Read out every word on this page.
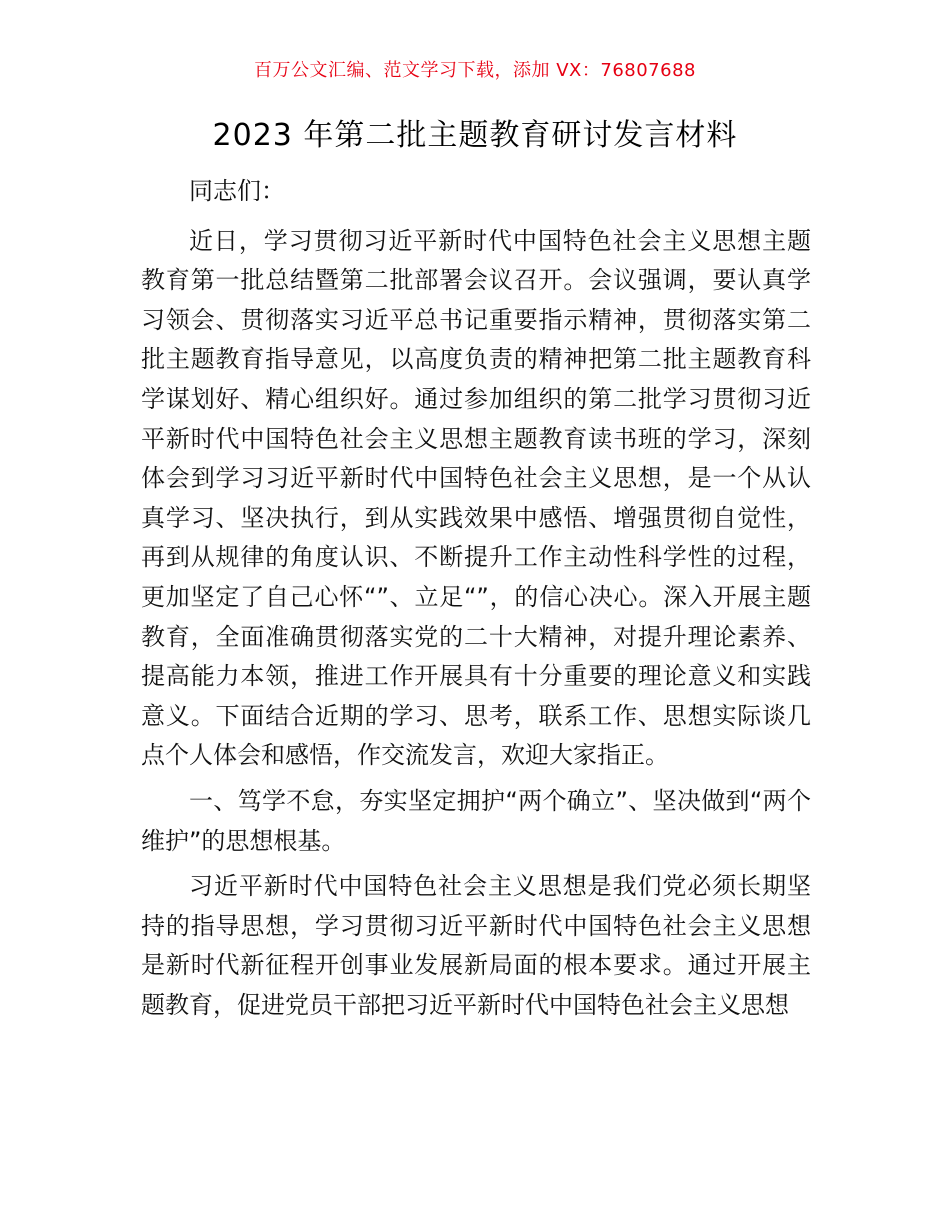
百万公文汇编、范文学习下载，添加 VX：76807688
2023 年第二批主题教育研讨发言材料

同志们：

近日，学习贯彻习近平新时代中国特色社会主义思想主题教育第一批总结暨第二批部署会议召开。会议强调，要认真学习领会、贯彻落实习近平总书记重要指示精神，贯彻落实第二批主题教育指导意见，以高度负责的精神把第二批主题教育科学谋划好、精心组织好。通过参加组织的第二批学习贯彻习近平新时代中国特色社会主义思想主题教育读书班的学习，深刻体会到学习习近平新时代中国特色社会主义思想，是一个从认真学习、坚决执行，到从实践效果中感悟、增强贯彻自觉性，再到从规律的角度认识、不断提升工作主动性科学性的过程，更加坚定了自己心怀“”、立足“”，的信心决心。深入开展主题教育，全面准确贯彻落实党的二十大精神，对提升理论素养、提高能力本领，推进工作开展具有十分重要的理论意义和实践意义。下面结合近期的学习、思考，联系工作、思想实际谈几点个人体会和感悟，作交流发言，欢迎大家指正。

一、笃学不怠，夯实坚定拥护“两个确立”、坚决做到“两个维护”的思想根基。

习近平新时代中国特色社会主义思想是我们党必须长期坚持的指导思想，学习贯彻习近平新时代中国特色社会主义思想是新时代新征程开创事业发展新局面的根本要求。通过开展主题教育，促进党员干部把习近平新时代中国特色社会主义思想
